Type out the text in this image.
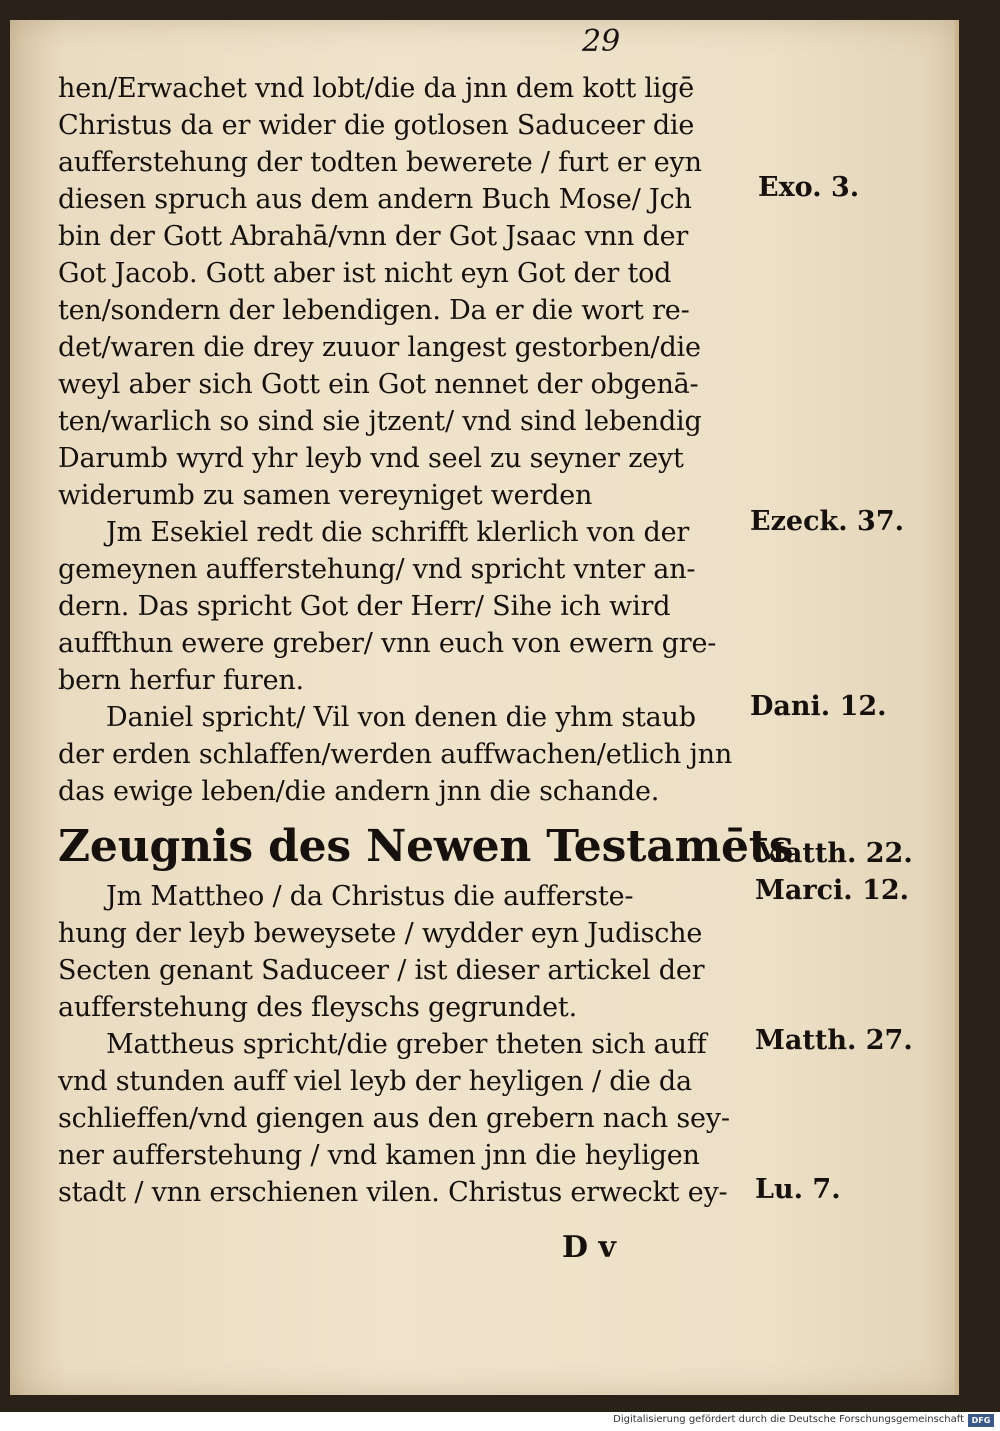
29
hen/Erwachet vnd lobt/die da jnn dem kott ligē
Christus da er wider die gotlosen Saduceer die
aufferstehung der todten bewerete / furt er eyn
diesen spruch aus dem andern Buch Mose/ Jch
bin der Gott Abrahā/vnn der Got Jsaac vnn der
Got Jacob. Gott aber ist nicht eyn Got der tod
ten/sondern der lebendigen. Da er die wort re-
det/waren die drey zuuor langest gestorben/die
weyl aber sich Gott ein Got nennet der obgenā-
ten/warlich so sind sie jtzent/ vnd sind lebendig
Darumb wyrd yhr leyb vnd seel zu seyner zeyt
widerumb zu samen vereyniget werden
Jm Esekiel redt die schrifft klerlich von der
gemeynen aufferstehung/ vnd spricht vnter an-
dern. Das spricht Got der Herr/ Sihe ich wird
auffthun ewere greber/ vnn euch von ewern gre-
bern herfur furen.
Daniel spricht/ Vil von denen die yhm staub
der erden schlaffen/werden auffwachen/etlich jnn
das ewige leben/die andern jnn die schande.
Zeugnis des Newen Testamēts
Jm Mattheo / da Christus die aufferste-
hung der leyb beweysete / wydder eyn Judische
Secten genant Saduceer / ist dieser artickel der
aufferstehung des fleyschs gegrundet.
Mattheus spricht/die greber theten sich auff
vnd stunden auff viel leyb der heyligen / die da
schlieffen/vnd giengen aus den grebern nach sey-
ner aufferstehung / vnd kamen jnn die heyligen
stadt / vnn erschienen vilen. Christus erweckt ey-
Exo. 3.
Ezeck. 37.
Dani. 12.
Matth. 22.
Marci. 12.
Matth. 27.
Lu. 7.
D v
Digitalisierung gefördert durch die Deutsche Forschungsgemeinschaft DFG
